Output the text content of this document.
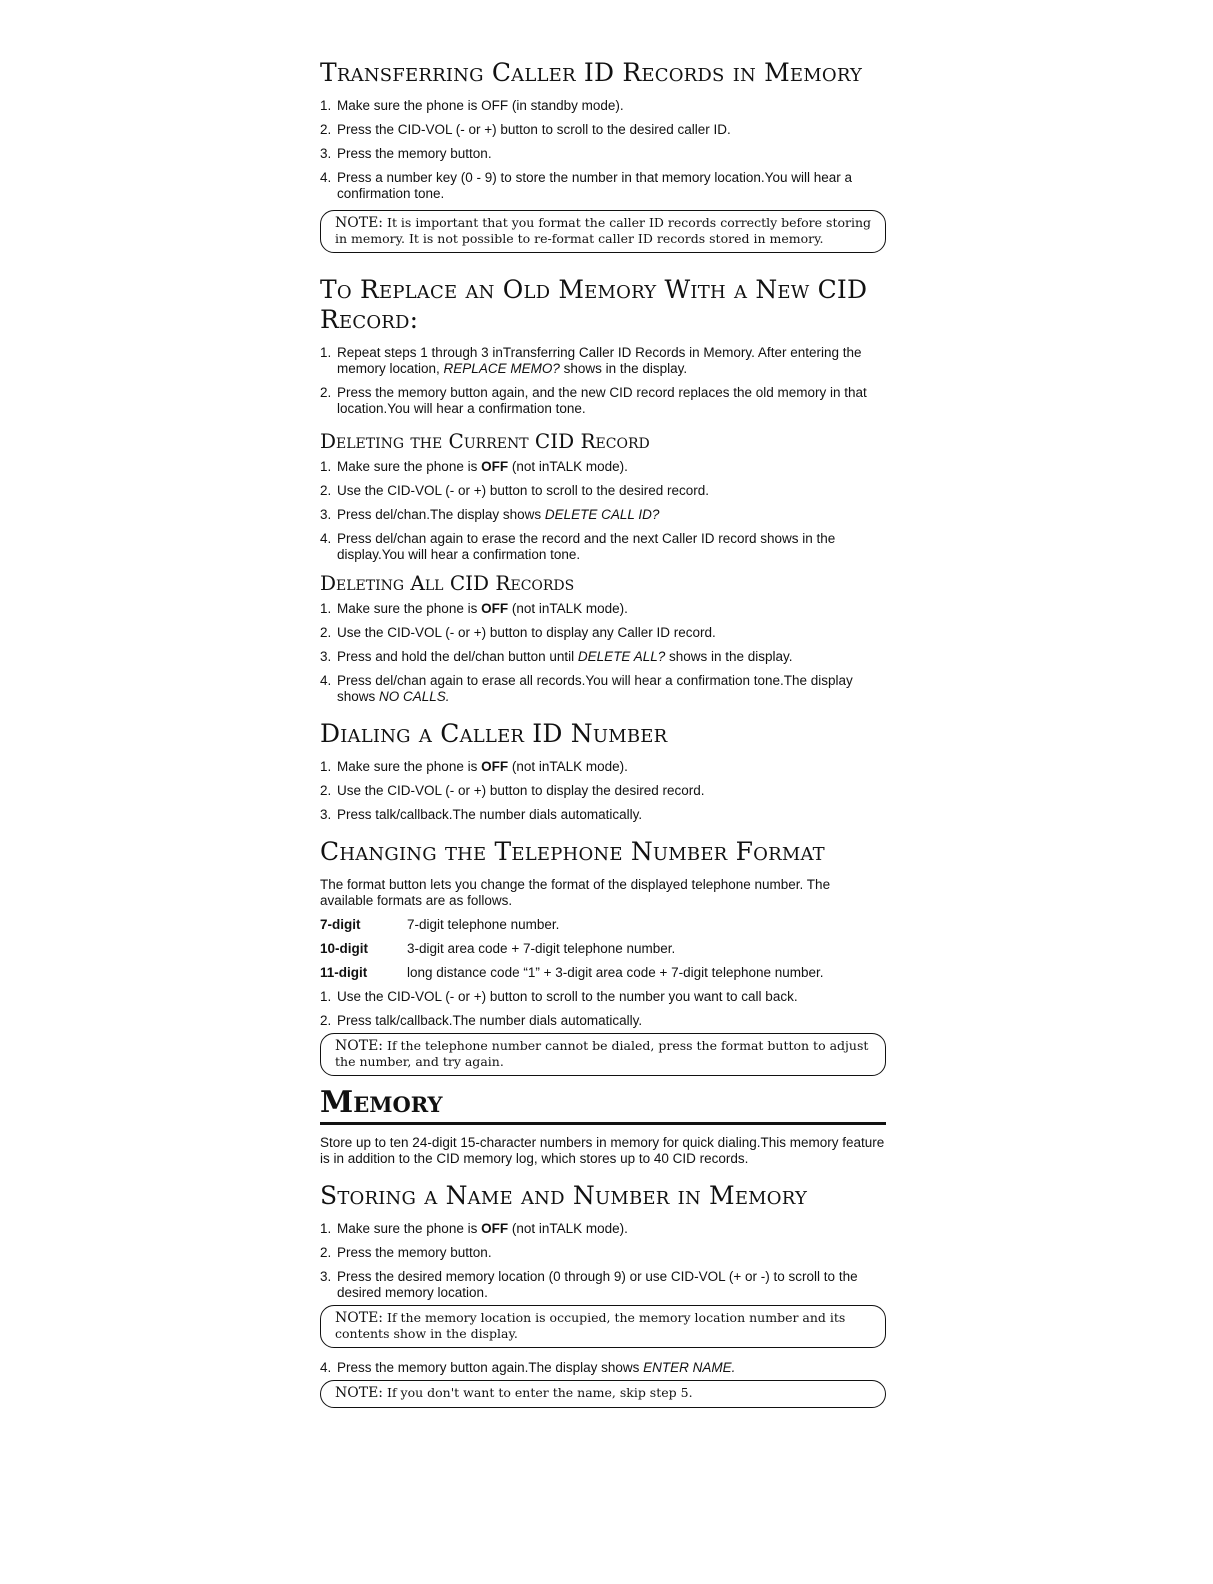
Transferring Caller ID Records in Memory
1. Make sure the phone is OFF (in standby mode).
2. Press the CID-VOL (- or +) button to scroll to the desired caller ID.
3. Press the memory button.
4. Press a number key (0 - 9) to store the number in that memory location.You will hear a confirmation tone.
NOTE: It is important that you format the caller ID records correctly before storing in memory. It is not possible to re-format caller ID records stored in memory.
To Replace an Old Memory With a New CID Record:
1. Repeat steps 1 through 3 inTransferring Caller ID Records in Memory. After entering the memory location, REPLACE MEMO? shows in the display.
2. Press the memory button again, and the new CID record replaces the old memory in that location.You will hear a confirmation tone.
Deleting the Current CID Record
1. Make sure the phone is OFF (not inTALK mode).
2. Use the CID-VOL (- or +) button to scroll to the desired record.
3. Press del/chan.The display shows DELETE CALL ID?
4. Press del/chan again to erase the record and the next Caller ID record shows in the display.You will hear a confirmation tone.
Deleting All CID Records
1. Make sure the phone is OFF (not inTALK mode).
2. Use the CID-VOL (- or +) button to display any Caller ID record.
3. Press and hold the del/chan button until DELETE ALL? shows in the display.
4. Press del/chan again to erase all records.You will hear a confirmation tone.The display shows NO CALLS.
Dialing a Caller ID Number
1. Make sure the phone is OFF (not inTALK mode).
2. Use the CID-VOL (- or +) button to display the desired record.
3. Press talk/callback.The number dials automatically.
Changing the Telephone Number Format
The format button lets you change the format of the displayed telephone number. The available formats are as follows.
7-digit	7-digit telephone number.
10-digit	3-digit area code + 7-digit telephone number.
11-digit	long distance code “1” + 3-digit area code + 7-digit telephone number.
1. Use the CID-VOL (- or +) button to scroll to the number you want to call back.
2. Press talk/callback.The number dials automatically.
NOTE: If the telephone number cannot be dialed, press the format button to adjust the number, and try again.
Memory
Store up to ten 24-digit 15-character numbers in memory for quick dialing.This memory feature is in addition to the CID memory log, which stores up to 40 CID records.
Storing a Name and Number in Memory
1. Make sure the phone is OFF (not inTALK mode).
2. Press the memory button.
3. Press the desired memory location (0 through 9) or use CID-VOL (+ or -) to scroll to the desired memory location.
NOTE: If the memory location is occupied, the memory location number and its contents show in the display.
4. Press the memory button again.The display shows ENTER NAME.
NOTE: If you don't want to enter the name, skip step 5.
